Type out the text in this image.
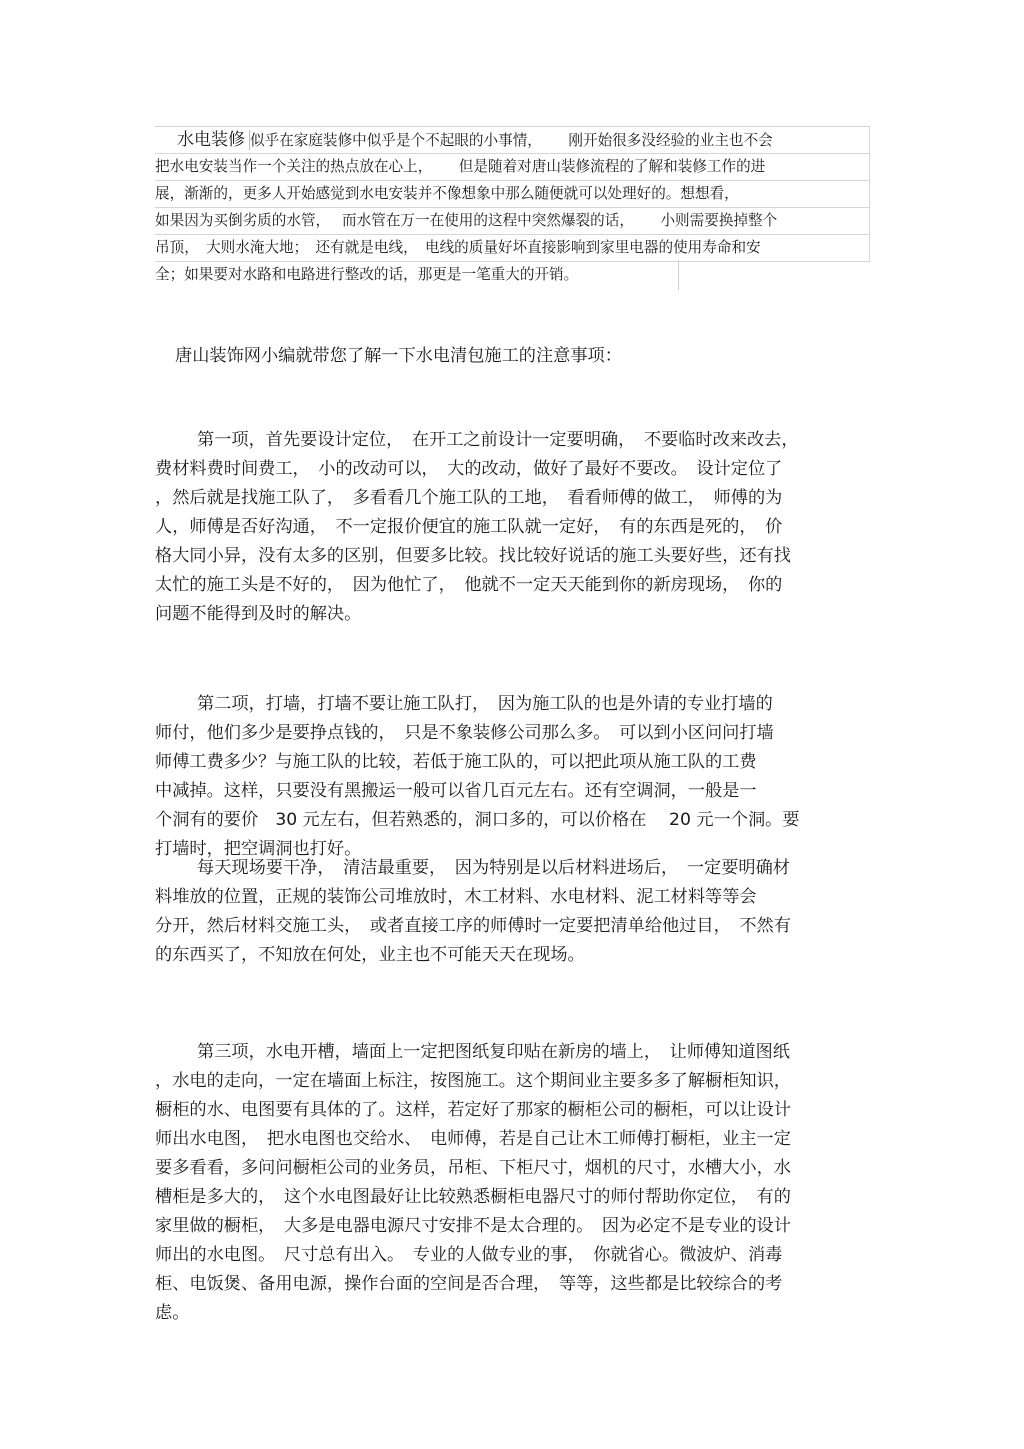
水电装修 似乎在家庭装修中似乎是个不起眼的小事情，　　 刚开始很多没经验的业主也不会
把水电安装当作一个关注的热点放在心上，　　 但是随着对唐山装修流程的了解和装修工作的进
展，渐渐的，更多人开始感觉到水电安装并不像想象中那么随便就可以处理好的。想想看，
如果因为买倒劣质的水管，　 而水管在万一在使用的这程中突然爆裂的话，　　 小则需要换掉整个
吊顶，　大则水淹大地；　还有就是电线，　电线的质量好坏直接影响到家里电器的使用寿命和安
全；如果要对水路和电路进行整改的话，那更是一笔重大的开销。
唐山装饰网小编就带您了解一下水电清包施工的注意事项：
第一项，首先要设计定位，　在开工之前设计一定要明确，　不要临时改来改去，
费材料费时间费工，　小的改动可以，　大的改动，做好了最好不要改。　设计定位了
，然后就是找施工队了，　多看看几个施工队的工地，　看看师傅的做工，　师傅的为
人，师傅是否好沟通，　不一定报价便宜的施工队就一定好，　有的东西是死的，　价
格大同小异，没有太多的区别，但要多比较。找比较好说话的施工头要好些，还有找
太忙的施工头是不好的，　因为他忙了，　他就不一定天天能到你的新房现场，　你的
问题不能得到及时的解决。
第二项，打墙，打墙不要让施工队打，　因为施工队的也是外请的专业打墙的
师付，他们多少是要挣点钱的，　只是不象装修公司那么多。　可以到小区问问打墙
师傅工费多少？与施工队的比较，若低于施工队的，可以把此项从施工队的工费
中减掉。这样，只要没有黑搬运一般可以省几百元左右。还有空调洞，一般是一
个洞有的要价　30 元左右，但若熟悉的，洞口多的，可以价格在　 20 元一个洞。要
打墙时，把空调洞也打好。
每天现场要干净，　清洁最重要，　因为特别是以后材料进场后，　一定要明确材
料堆放的位置，正规的装饰公司堆放时，木工材料、水电材料、泥工材料等等会
分开，然后材料交施工头，　或者直接工序的师傅时一定要把清单给他过目，　不然有
的东西买了，不知放在何处，业主也不可能天天在现场。
第三项，水电开槽，墙面上一定把图纸复印贴在新房的墙上，　让师傅知道图纸
，水电的走向，一定在墙面上标注，按图施工。这个期间业主要多多了解橱柜知识，
橱柜的水、电图要有具体的了。这样，若定好了那家的橱柜公司的橱柜，可以让设计
师出水电图，　把水电图也交给水、　电师傅，若是自己让木工师傅打橱柜，业主一定
要多看看，多问问橱柜公司的业务员，吊柜、下柜尺寸，烟机的尺寸，水槽大小，水
槽柜是多大的，　这个水电图最好让比较熟悉橱柜电器尺寸的师付帮助你定位，　有的
家里做的橱柜，　大多是电器电源尺寸安排不是太合理的。　因为必定不是专业的设计
师出的水电图。　尺寸总有出入。　专业的人做专业的事，　你就省心。微波炉、消毒
柜、电饭煲、备用电源，操作台面的空间是否合理，　等等，这些都是比较综合的考
虑。
